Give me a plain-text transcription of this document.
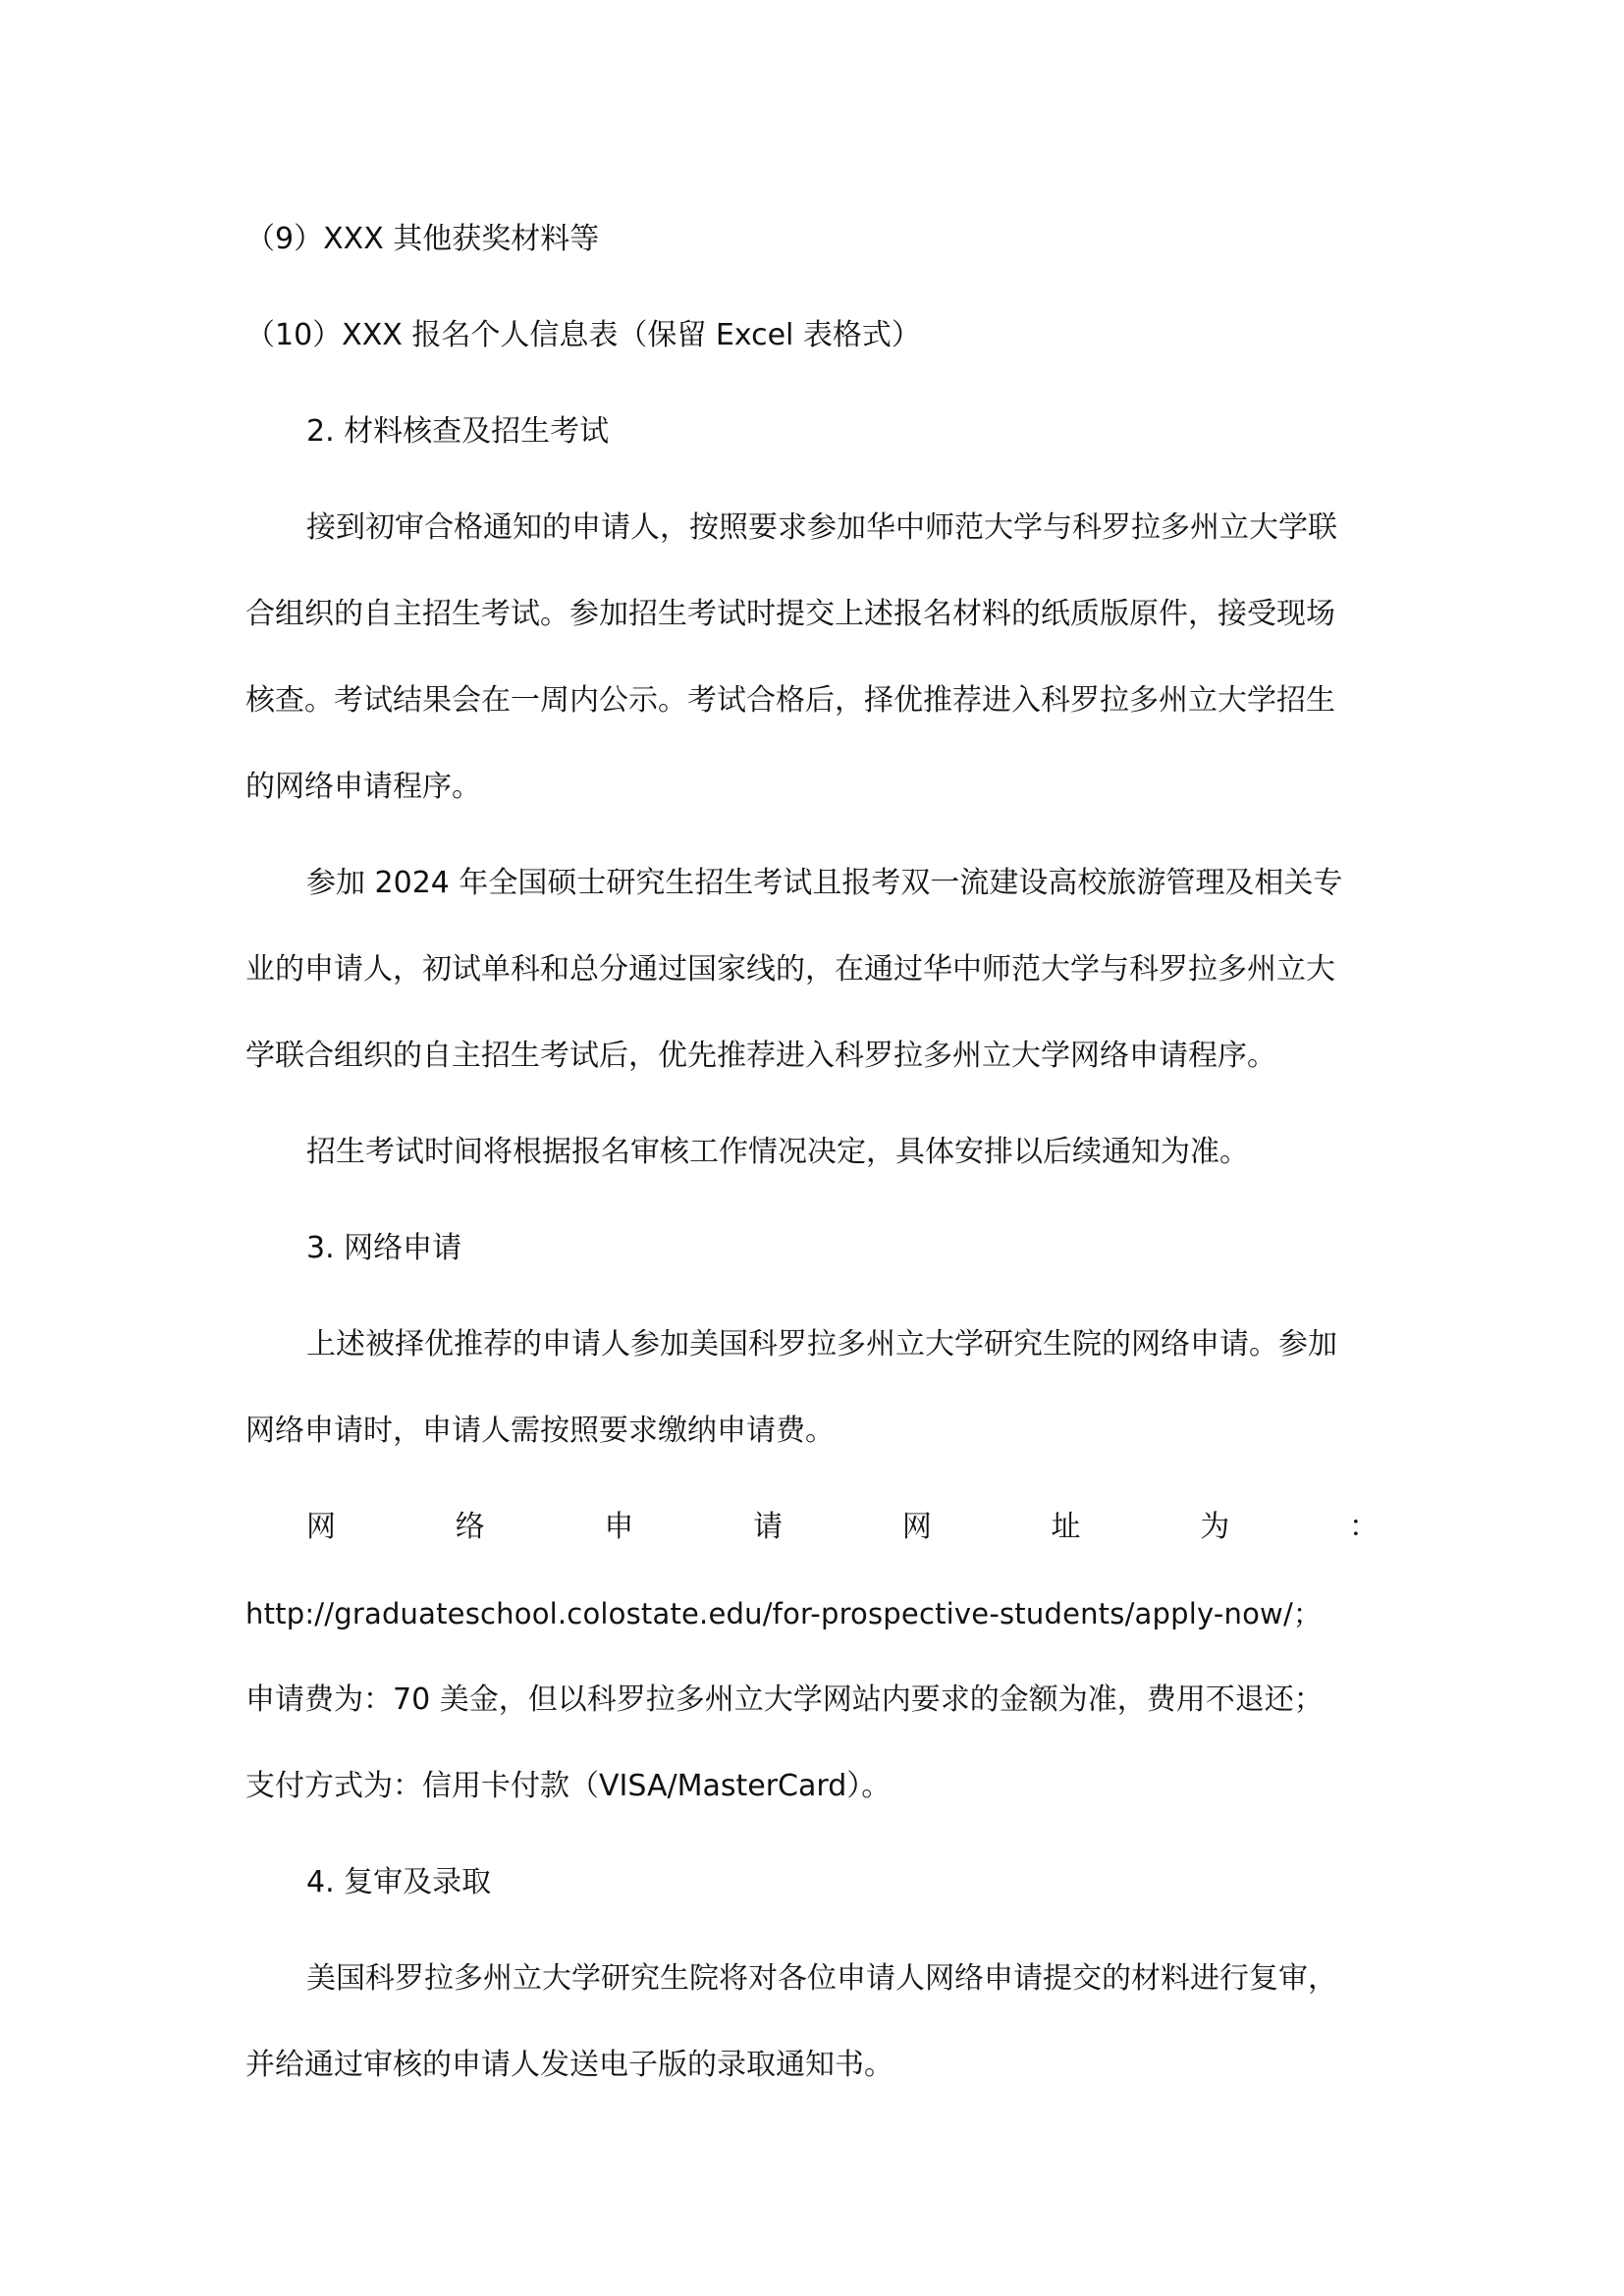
（9）XXX 其他获奖材料等
（10）XXX 报名个人信息表（保留 Excel 表格式）
2. 材料核查及招生考试
接到初审合格通知的申请人，按照要求参加华中师范大学与科罗拉多州立大学联
合组织的自主招生考试。参加招生考试时提交上述报名材料的纸质版原件，接受现场
核查。考试结果会在一周内公示。考试合格后，择优推荐进入科罗拉多州立大学招生
的网络申请程序。
参加 2024 年全国硕士研究生招生考试且报考双一流建设高校旅游管理及相关专
业的申请人，初试单科和总分通过国家线的，在通过华中师范大学与科罗拉多州立大
学联合组织的自主招生考试后，优先推荐进入科罗拉多州立大学网络申请程序。
招生考试时间将根据报名审核工作情况决定，具体安排以后续通知为准。
3. 网络申请
上述被择优推荐的申请人参加美国科罗拉多州立大学研究生院的网络申请。参加
网络申请时，申请人需按照要求缴纳申请费。
网	络	申	请	网	址	为	：
http://graduateschool.colostate.edu/for-prospective-students/apply-now/；
申请费为：70 美金，但以科罗拉多州立大学网站内要求的金额为准，费用不退还；
支付方式为：信用卡付款（VISA/MasterCard）。
4. 复审及录取
美国科罗拉多州立大学研究生院将对各位申请人网络申请提交的材料进行复审，
并给通过审核的申请人发送电子版的录取通知书。
